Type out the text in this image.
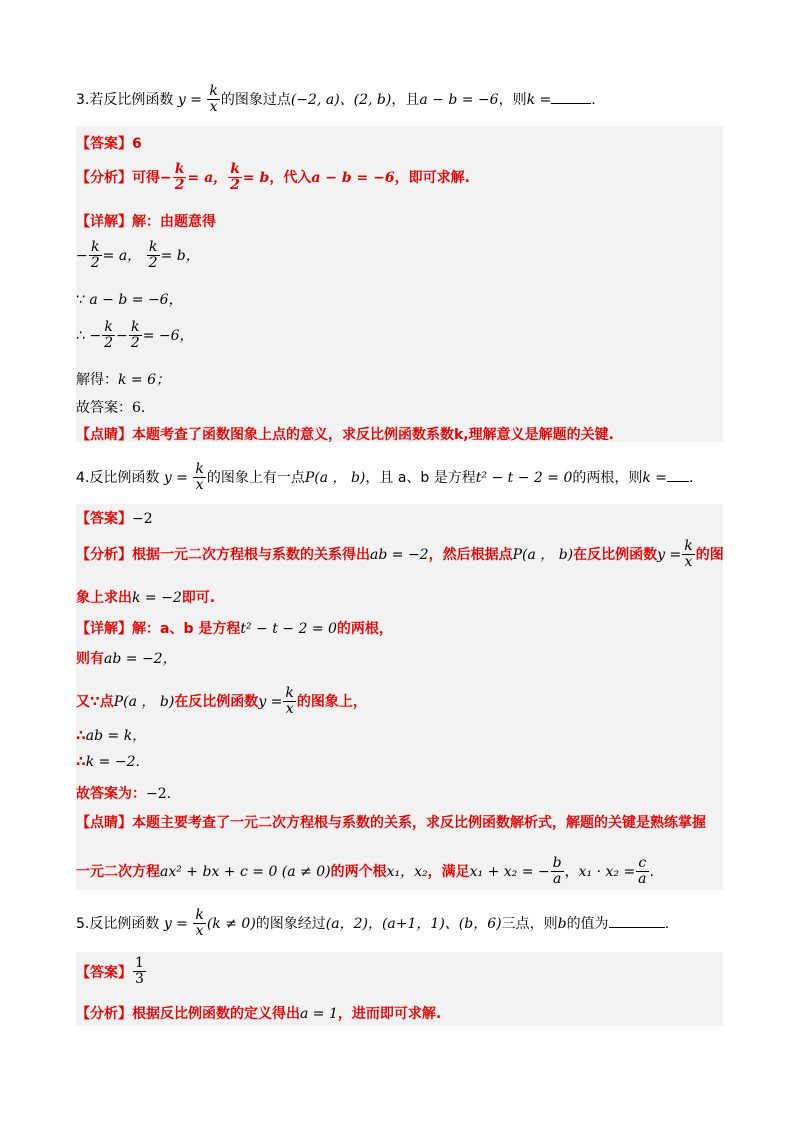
3.若反比例函数 $y = \frac{k}{x}$ 的图象过点(−2, a)、(2, b)，且a − b = −6，则k =	.
【答案】6
【分析】可得− $\frac{k}{2} = a$， $\frac{k}{2} = b$，代入a − b = −6，即可求解.
【详解】解：由题意得
− $\frac{k}{2} = a$， $\frac{k}{2} = b$，
∵ a − b = −6，
∴ − $\frac{k}{2} - \frac{k}{2} = -6$，
解得：k = 6；
故答案：6.
【点睛】本题考查了函数图象上点的意义，求反比例函数系数k,理解意义是解题的关键.
4.反比例函数 $y = \frac{k}{x}$ 的图象上有一点P(a ， b)，且 a、b 是方程t² − t − 2 = 0的两根，则k = .
【答案】−2
【分析】根据一元二次方程根与系数的关系得出ab = −2，然后根据点P(a ， b)在反比例函数$y = \frac{k}{x}$ 的图
象上求出k = −2即可.
【详解】解：a、b 是方程t² − t − 2 = 0的两根，
则有ab = −2，
又∵点P(a ， b)在反比例函数$y = \frac{k}{x}$ 的图象上，
∴ab = k，
∴k = −2.
故答案为：−2.
【点睛】本题主要考查了一元二次方程根与系数的关系，求反比例函数解析式，解题的关键是熟练掌握
一元二次方程ax² + bx + c = 0 (a ≠ 0)的两个根x₁，x₂，满足x₁ + x₂ = − $\frac{b}{a}$ ，$x_1 \cdot x_2 = \frac{c}{a}$ .
5.反比例函数 $y = \frac{k}{x} (k \ne 0)$的图象经过(a，2)，(a+1，1)、(b，6)三点，则b的值为	.
【答案】 $\frac{1}{3}$
【分析】根据反比例函数的定义得出a = 1，进而即可求解.
